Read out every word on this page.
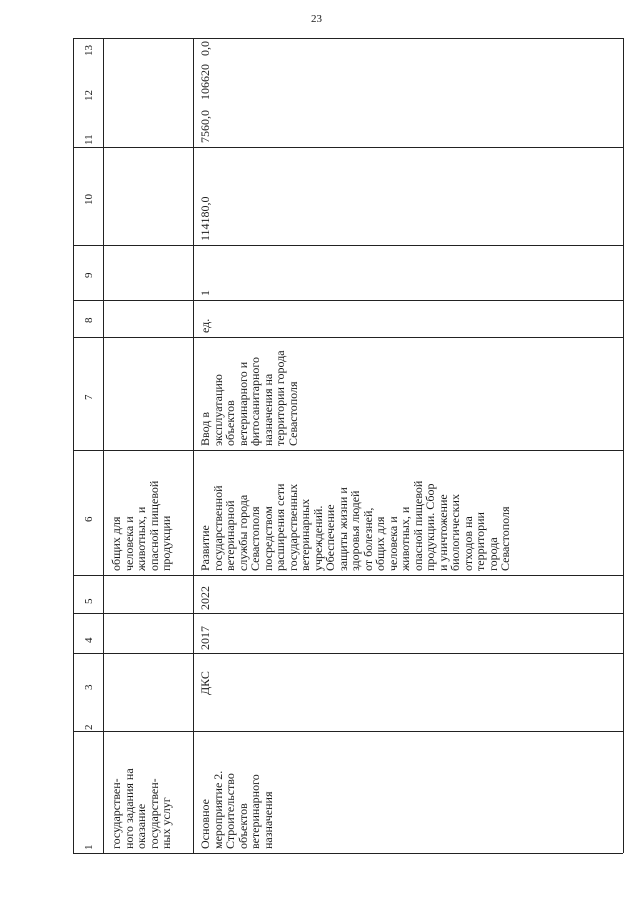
23
1
2
3
4
5
6
7
8
9
10
11
12
13
государствен-
ного задания на
оказание
государствен-
ных услуг
общих для
человека и
животных, и
опасной пищевой
продукции
Основное
мероприятие 2.
Строительство
объектов
ветеринарного
назначения
ДКС
2017
2022
Развитие
государственной
ветеринарной
службы города
Севастополя
посредством
расширения сети
государственных
ветеринарных
учреждений.
Обеспечение
защиты жизни и
здоровья людей
от болезней,
общих для
человека и
животных, и
опасной пищевой
продукции. Сбор
и уничтожение
биологических
отходов на
территории
города
Севастополя
Ввод в
эксплуатацию
объектов
ветеринарного и
фитосанитарного
назначения на
территории города
Севастополя
ед.
1
114180,0
7560,0
106620
0,0
